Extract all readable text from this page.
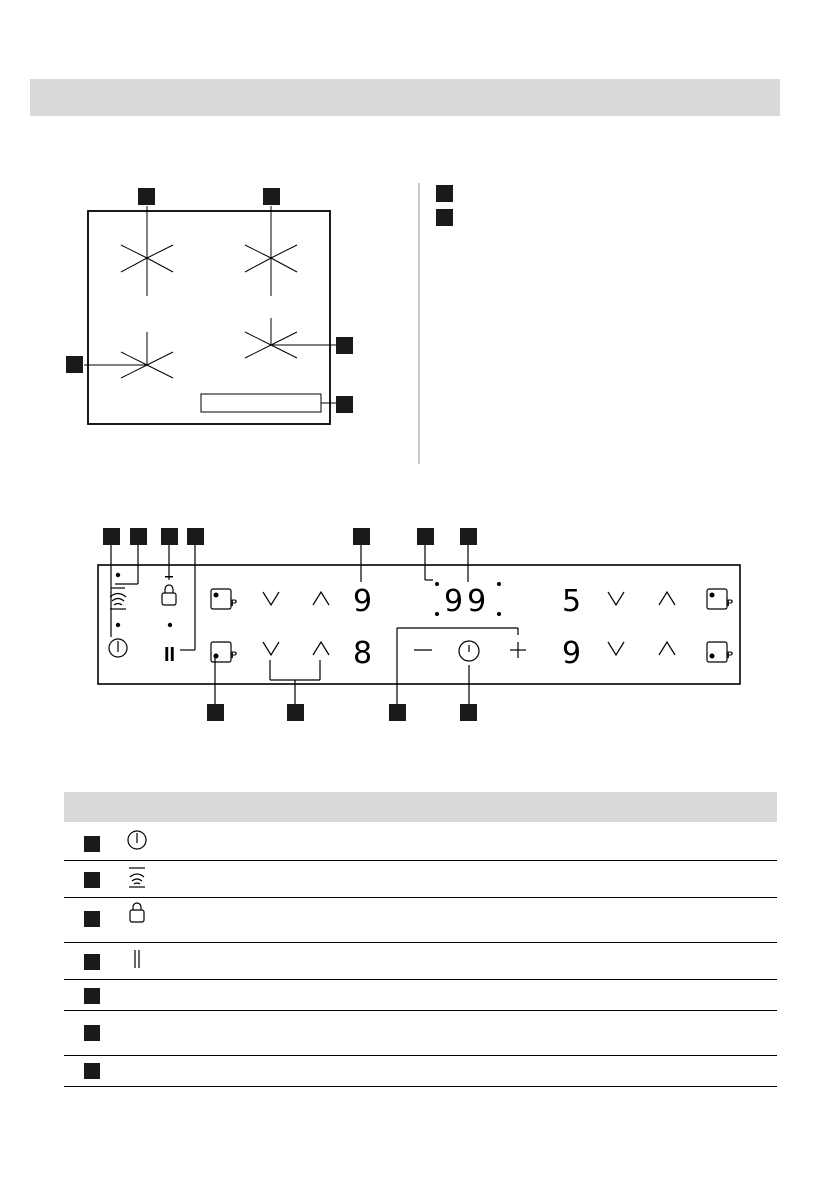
II
9
8
99 5
9
P
P
P
P
